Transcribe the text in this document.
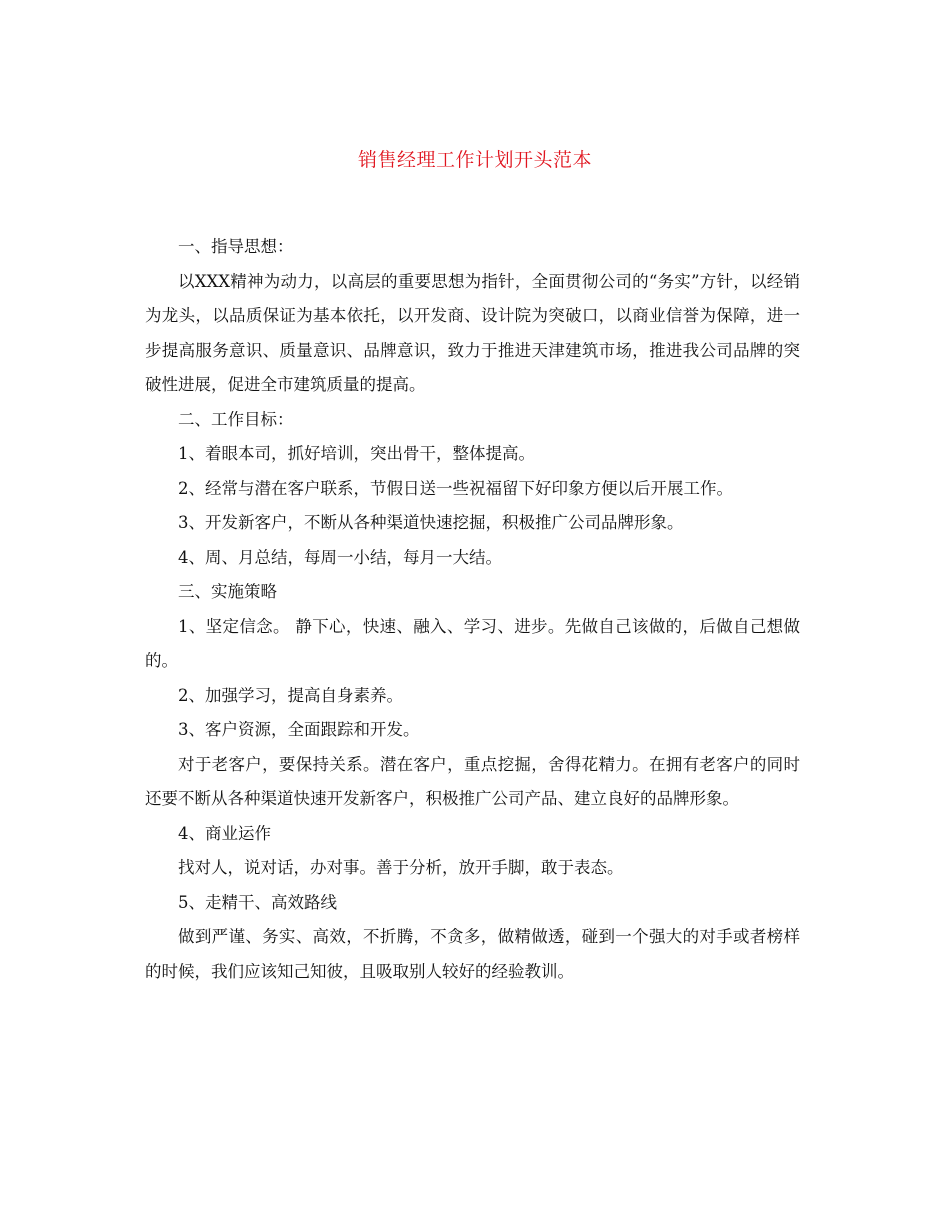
销售经理工作计划开头范本

一、指导思想：

以XXX精神为动力，以高层的重要思想为指针，全面贯彻公司的“务实”方针，以经销为龙头，以品质保证为基本依托，以开发商、设计院为突破口，以商业信誉为保障，进一步提高服务意识、质量意识、品牌意识，致力于推进天津建筑市场，推进我公司品牌的突破性进展，促进全市建筑质量的提高。

二、工作目标：

1、着眼本司，抓好培训，突出骨干，整体提高。

2、经常与潜在客户联系，节假日送一些祝福留下好印象方便以后开展工作。

3、开发新客户，不断从各种渠道快速挖掘，积极推广公司品牌形象。

4、周、月总结，每周一小结，每月一大结。

三、实施策略

1、坚定信念。 静下心，快速、融入、学习、进步。先做自己该做的，后做自己想做的。

2、加强学习，提高自身素养。

3、客户资源，全面跟踪和开发。

对于老客户，要保持关系。潜在客户，重点挖掘，舍得花精力。在拥有老客户的同时还要不断从各种渠道快速开发新客户，积极推广公司产品、建立良好的品牌形象。

4、商业运作

找对人，说对话，办对事。善于分析，放开手脚，敢于表态。

5、走精干、高效路线

做到严谨、务实、高效，不折腾，不贪多，做精做透，碰到一个强大的对手或者榜样的时候，我们应该知己知彼，且吸取别人较好的经验教训。
